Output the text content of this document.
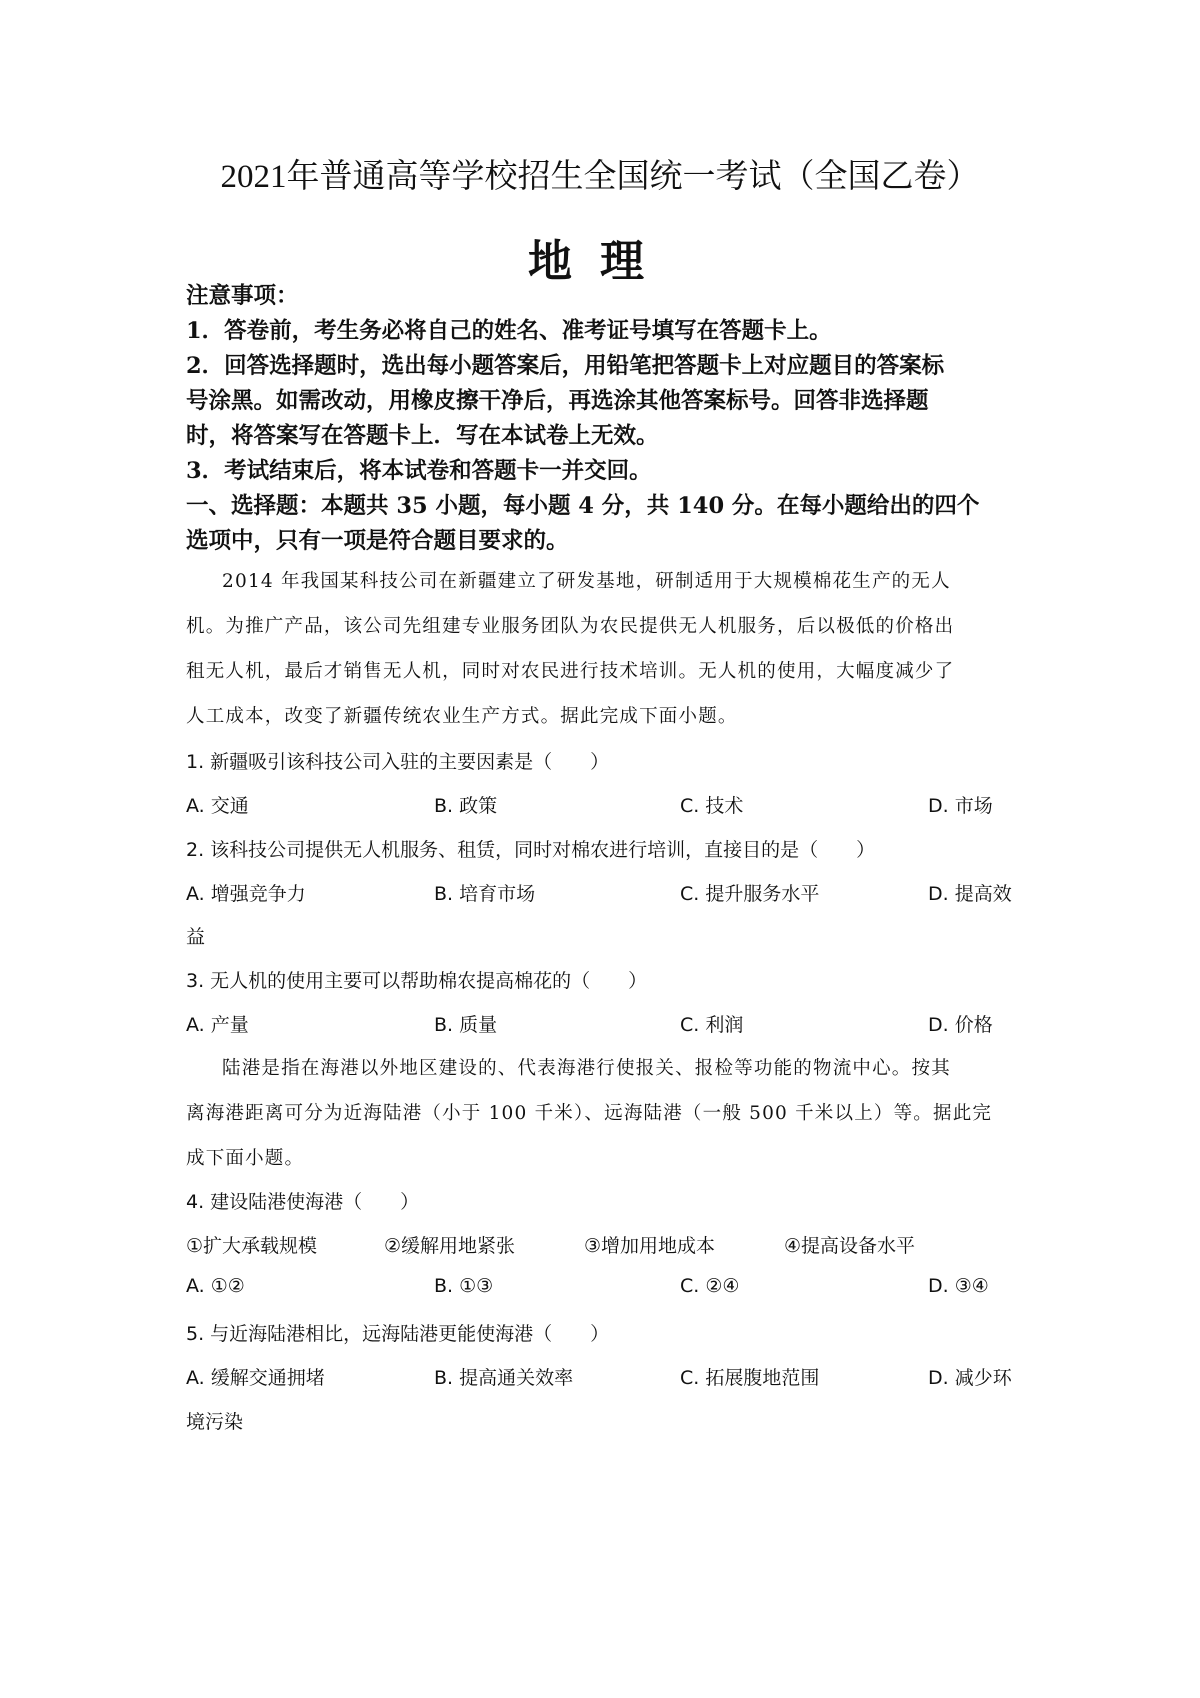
2021年普通高等学校招生全国统一考试（全国乙卷）
地理
注意事项：
1．答卷前，考生务必将自己的姓名、准考证号填写在答题卡上。
2．回答选择题时，选出每小题答案后，用铅笔把答题卡上对应题目的答案标
号涂黑。如需改动，用橡皮擦干净后，再选涂其他答案标号。回答非选择题
时，将答案写在答题卡上．写在本试卷上无效。
3．考试结束后，将本试卷和答题卡一并交回。
一、选择题：本题共 35 小题，每小题 4 分，共 140 分。在每小题给出的四个
选项中，只有一项是符合题目要求的。
2014 年我国某科技公司在新疆建立了研发基地，研制适用于大规模棉花生产的无人
机。为推广产品，该公司先组建专业服务团队为农民提供无人机服务，后以极低的价格出
租无人机，最后才销售无人机，同时对农民进行技术培训。无人机的使用，大幅度减少了
人工成本，改变了新疆传统农业生产方式。据此完成下面小题。
1. 新疆吸引该科技公司入驻的主要因素是（　　）
A. 交通	B. 政策	C. 技术	D. 市场
2. 该科技公司提供无人机服务、租赁，同时对棉农进行培训，直接目的是（　　）
A. 增强竞争力	B. 培育市场	C. 提升服务水平	D. 提高效
益
3. 无人机的使用主要可以帮助棉农提高棉花的（　　）
A. 产量	B. 质量	C. 利润	D. 价格
陆港是指在海港以外地区建设的、代表海港行使报关、报检等功能的物流中心。按其
离海港距离可分为近海陆港（小于 100 千米）、远海陆港（一般 500 千米以上）等。据此完
成下面小题。
4. 建设陆港使海港（　　）
①扩大承载规模	②缓解用地紧张	③增加用地成本	④提高设备水平
A. ①②	B. ①③	C. ②④	D. ③④
5. 与近海陆港相比，远海陆港更能使海港（　　）
A. 缓解交通拥堵	B. 提高通关效率	C. 拓展腹地范围	D. 减少环
境污染
